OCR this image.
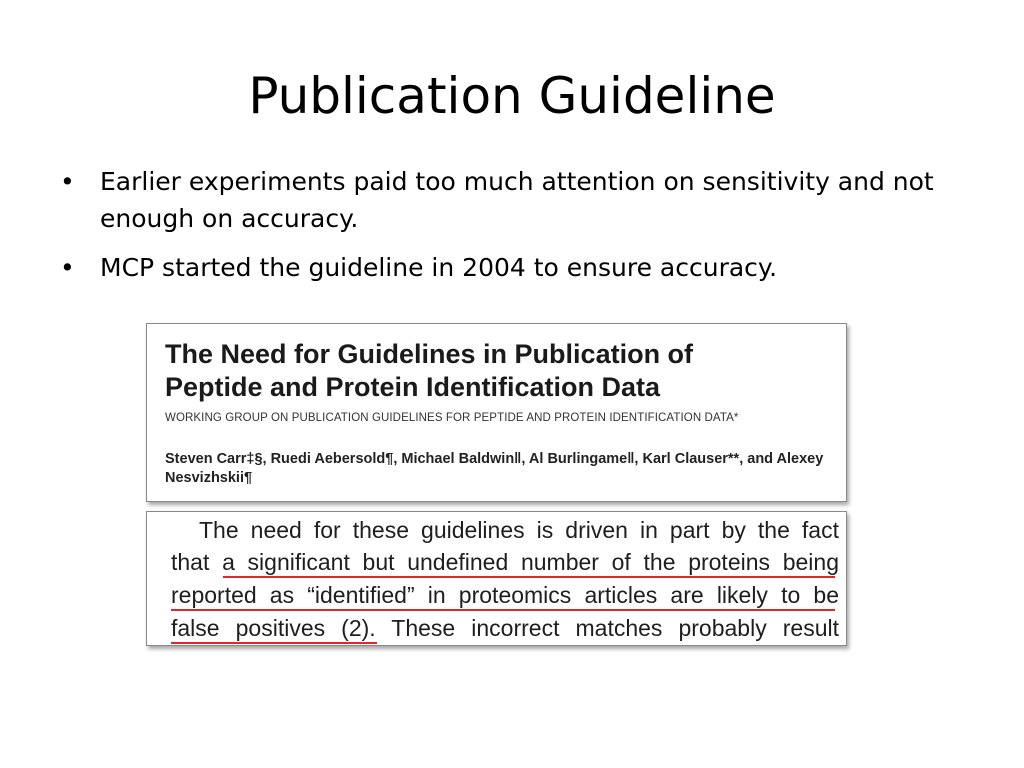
Publication Guideline
• Earlier experiments paid too much attention on sensitivity and not enough on accuracy.
• MCP started the guideline in 2004 to ensure accuracy.
The Need for Guidelines in Publication of
Peptide and Protein Identification Data
WORKING GROUP ON PUBLICATION GUIDELINES FOR PEPTIDE AND PROTEIN IDENTIFICATION DATA*
Steven Carr‡§, Ruedi Aebersold¶, Michael Baldwin‖, Al Burlingame‖, Karl Clauser**, and Alexey Nesvizhskii¶
The need for these guidelines is driven in part by the fact
that a significant but undefined number of the proteins being
reported as “identified” in proteomics articles are likely to be
false positives (2). These incorrect matches probably result
